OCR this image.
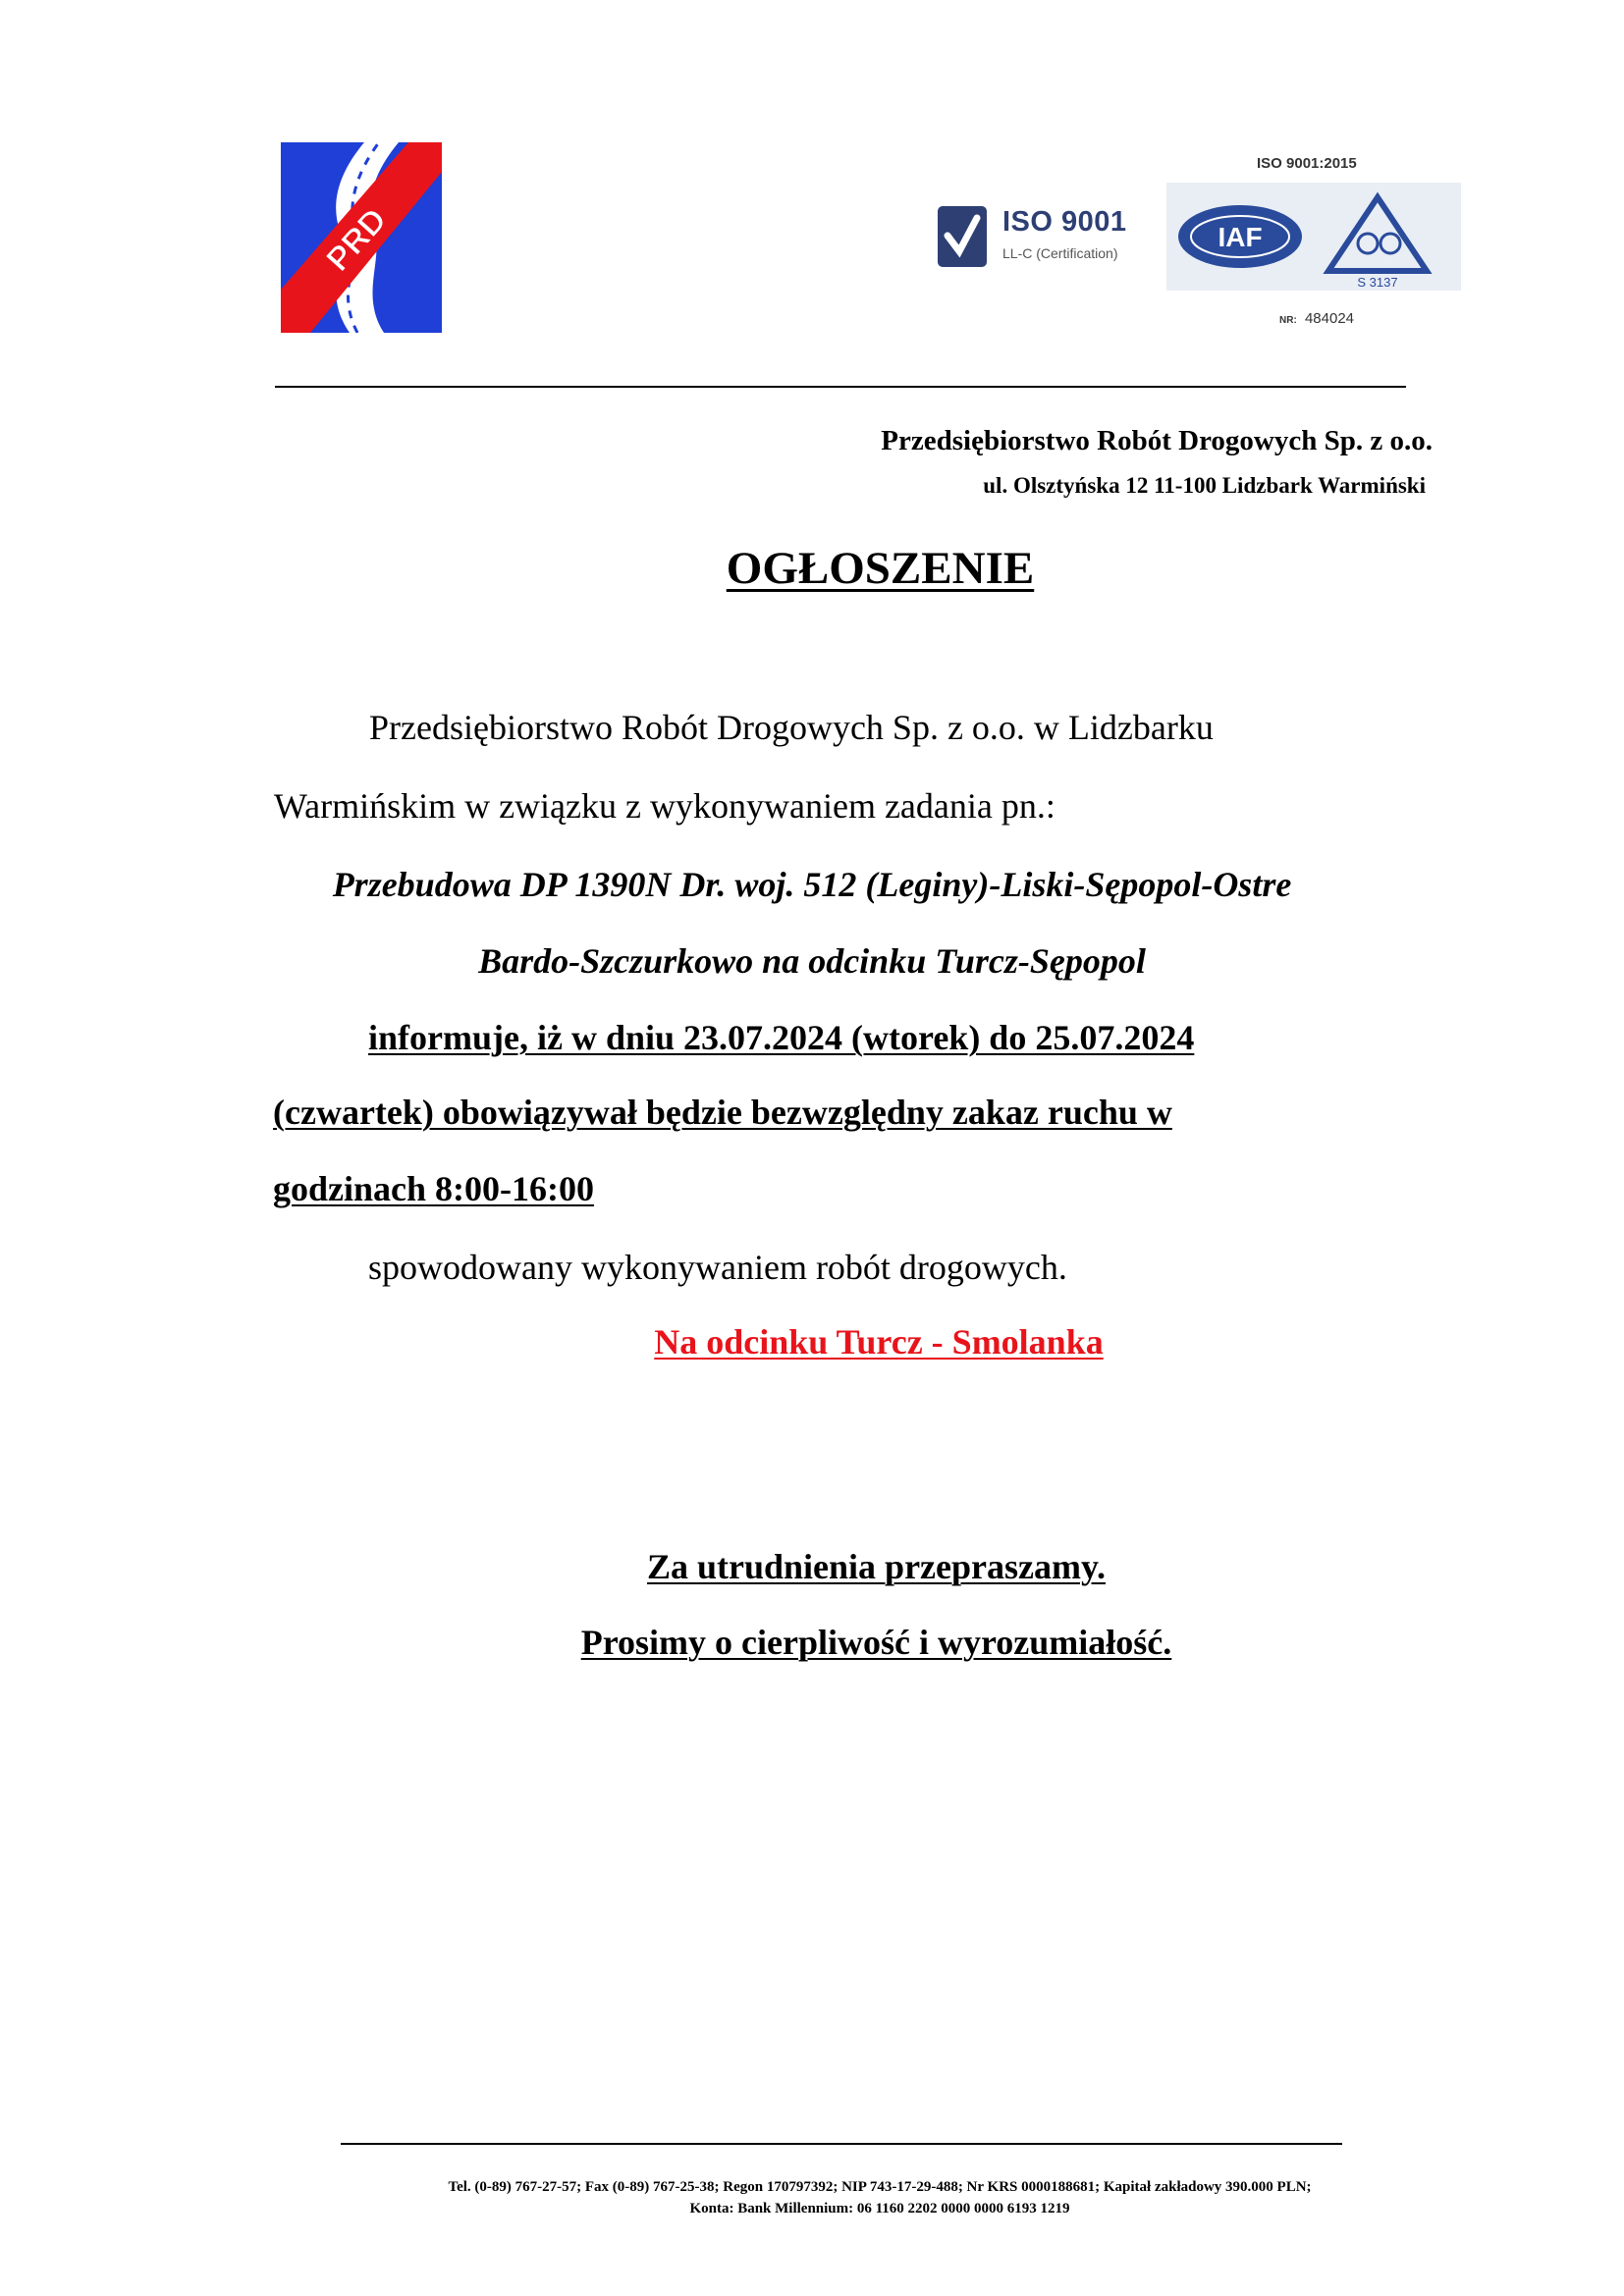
PRD	ISO 9001
LL-C (Certification)
ISO 9001:2015
IAF
S 3137
NR: 484024
Przedsiębiorstwo Robót Drogowych Sp. z o.o.
ul. Olsztyńska 12 11-100 Lidzbark Warmiński
OGŁOSZENIE
Przedsiębiorstwo Robót Drogowych Sp. z o.o. w Lidzbarku
Warmińskim w związku z wykonywaniem zadania pn.:
Przebudowa DP 1390N Dr. woj. 512 (Leginy)-Liski-Sępopol-Ostre
Bardo-Szczurkowo na odcinku Turcz-Sępopol
informuje, iż w dniu 23.07.2024 (wtorek) do 25.07.2024
(czwartek) obowiązywał będzie bezwzględny zakaz ruchu w
godzinach 8:00-16:00
spowodowany wykonywaniem robót drogowych.
Na odcinku Turcz - Smolanka
Za utrudnienia przepraszamy.
Prosimy o cierpliwość i wyrozumiałość.
Tel. (0-89) 767-27-57; Fax (0-89) 767-25-38; Regon 170797392; NIP 743-17-29-488; Nr KRS 0000188681; Kapitał zakładowy 390.000 PLN;
Konta: Bank Millennium: 06 1160 2202 0000 0000 6193 1219
